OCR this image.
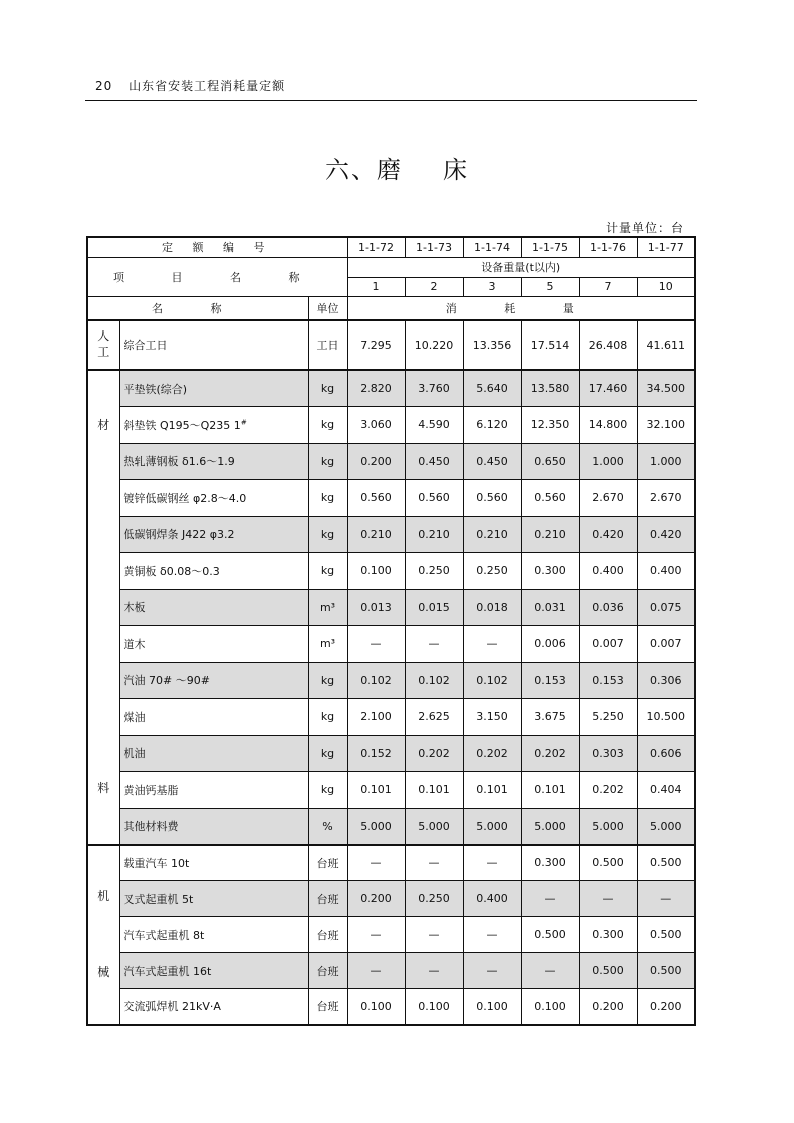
20 山东省安装工程消耗量定额
六、磨 床
计量单位：台
定 额 编 号			1-1-72	1-1-73	1-1-74	1-1-75	1-1-76	1-1-77
项 目 名 称			设备重量(t以内)					
			1	2	3	5	7	10
名 称		单位	消 耗 量					
人
工	综合工日	工日	7.295	10.220	13.356	17.514	26.408	41.611

材
料	平垫铁(综合)	kg	2.820	3.760	5.640	13.580	17.460	34.500
	斜垫铁 Q195～Q235 1#	kg	3.060	4.590	6.120	12.350	14.800	32.100
	热轧薄钢板 δ1.6～1.9	kg	0.200	0.450	0.450	0.650	1.000	1.000
	镀锌低碳钢丝 φ2.8～4.0	kg	0.560	0.560	0.560	0.560	2.670	2.670
	低碳钢焊条 J422 φ3.2	kg	0.210	0.210	0.210	0.210	0.420	0.420
	黄铜板 δ0.08～0.3	kg	0.100	0.250	0.250	0.300	0.400	0.400
	木板	m³	0.013	0.015	0.018	0.031	0.036	0.075
	道木	m³	—	—	—	0.006	0.007	0.007
	汽油 70# ～90#	kg	0.102	0.102	0.102	0.153	0.153	0.306
	煤油	kg	2.100	2.625	3.150	3.675	5.250	10.500
	机油	kg	0.152	0.202	0.202	0.202	0.303	0.606
	黄油钙基脂	kg	0.101	0.101	0.101	0.101	0.202	0.404
	其他材料费	%	5.000	5.000	5.000	5.000	5.000	5.000

机
械	载重汽车 10t	台班	—	—	—	0.300	0.500	0.500
	叉式起重机 5t	台班	0.200	0.250	0.400	—	—	—
	汽车式起重机 8t	台班	—	—	—	0.500	0.300	0.500
	汽车式起重机 16t	台班	—	—	—	—	0.500	0.500
	交流弧焊机 21kV·A	台班	0.100	0.100	0.100	0.100	0.200	0.200
